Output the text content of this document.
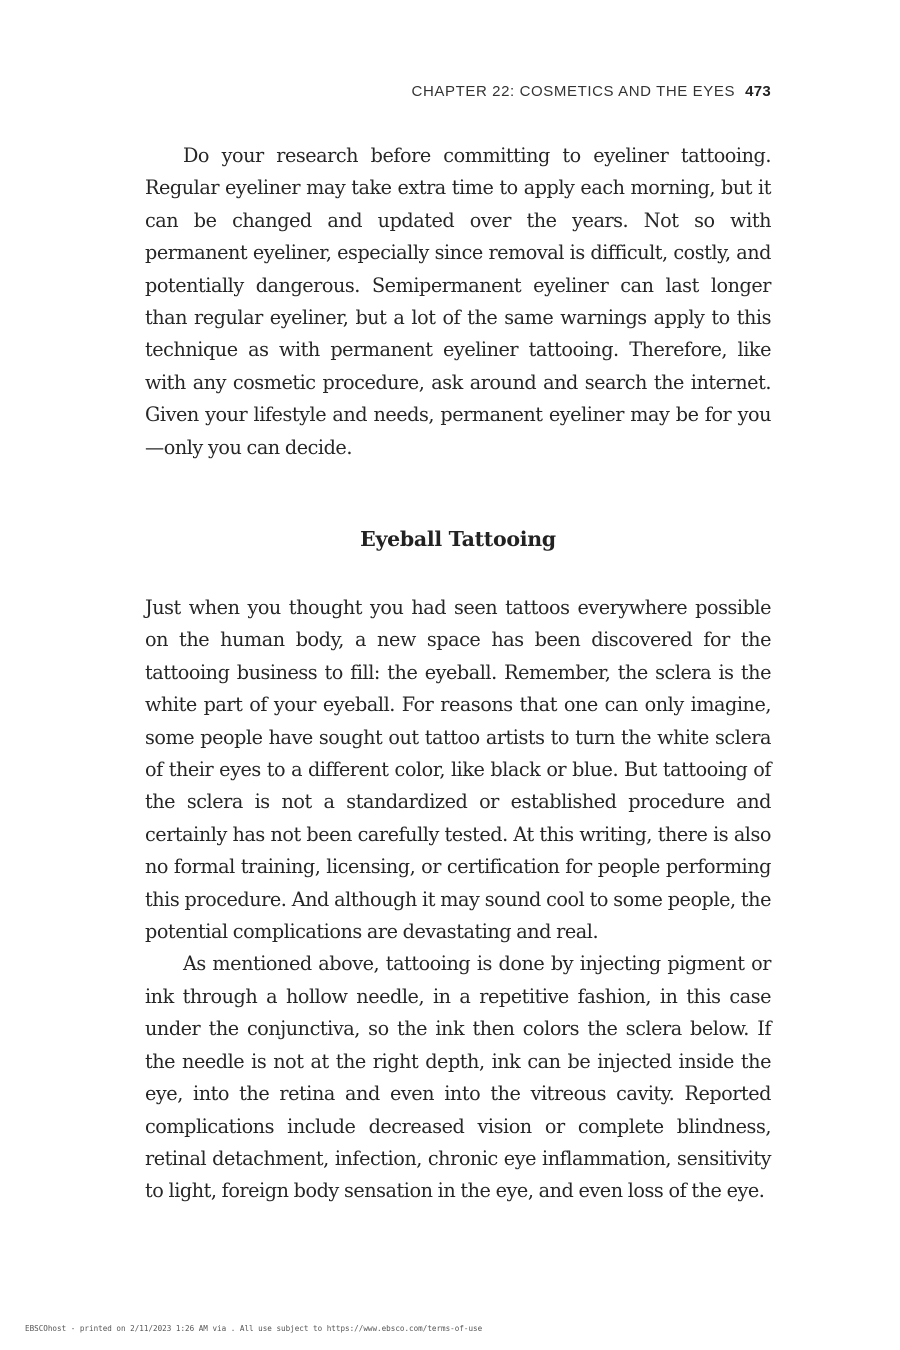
CHAPTER 22: COSMETICS AND THE EYES 473

Do your research before committing to eyeliner tattooing. Regular eyeliner may take extra time to apply each morning, but it can be changed and updated over the years. Not so with permanent eyeliner, especially since removal is difficult, costly, and potentially dangerous. Semipermanent eyeliner can last longer than regular eyeliner, but a lot of the same warnings apply to this technique as with permanent eyeliner tattooing. Therefore, like with any cosmetic procedure, ask around and search the internet. Given your lifestyle and needs, permanent eyeliner may be for you—only you can decide.

Eyeball Tattooing

Just when you thought you had seen tattoos everywhere possible on the human body, a new space has been discovered for the tattooing business to fill: the eyeball. Remember, the sclera is the white part of your eyeball. For reasons that one can only imagine, some people have sought out tattoo artists to turn the white sclera of their eyes to a different color, like black or blue. But tattooing of the sclera is not a standardized or established procedure and certainly has not been carefully tested. At this writing, there is also no formal training, licensing, or certification for people performing this procedure. And although it may sound cool to some people, the potential complications are devastating and real.

As mentioned above, tattooing is done by injecting pigment or ink through a hollow needle, in a repetitive fashion, in this case under the conjunctiva, so the ink then colors the sclera below. If the needle is not at the right depth, ink can be injected inside the eye, into the retina and even into the vitreous cavity. Reported complications include decreased vision or complete blindness, retinal detachment, infection, chronic eye inflammation, sensitivity to light, foreign body sensation in the eye, and even loss of the eye.

EBSCOhost - printed on 2/11/2023 1:26 AM via . All use subject to https://www.ebsco.com/terms-of-use
